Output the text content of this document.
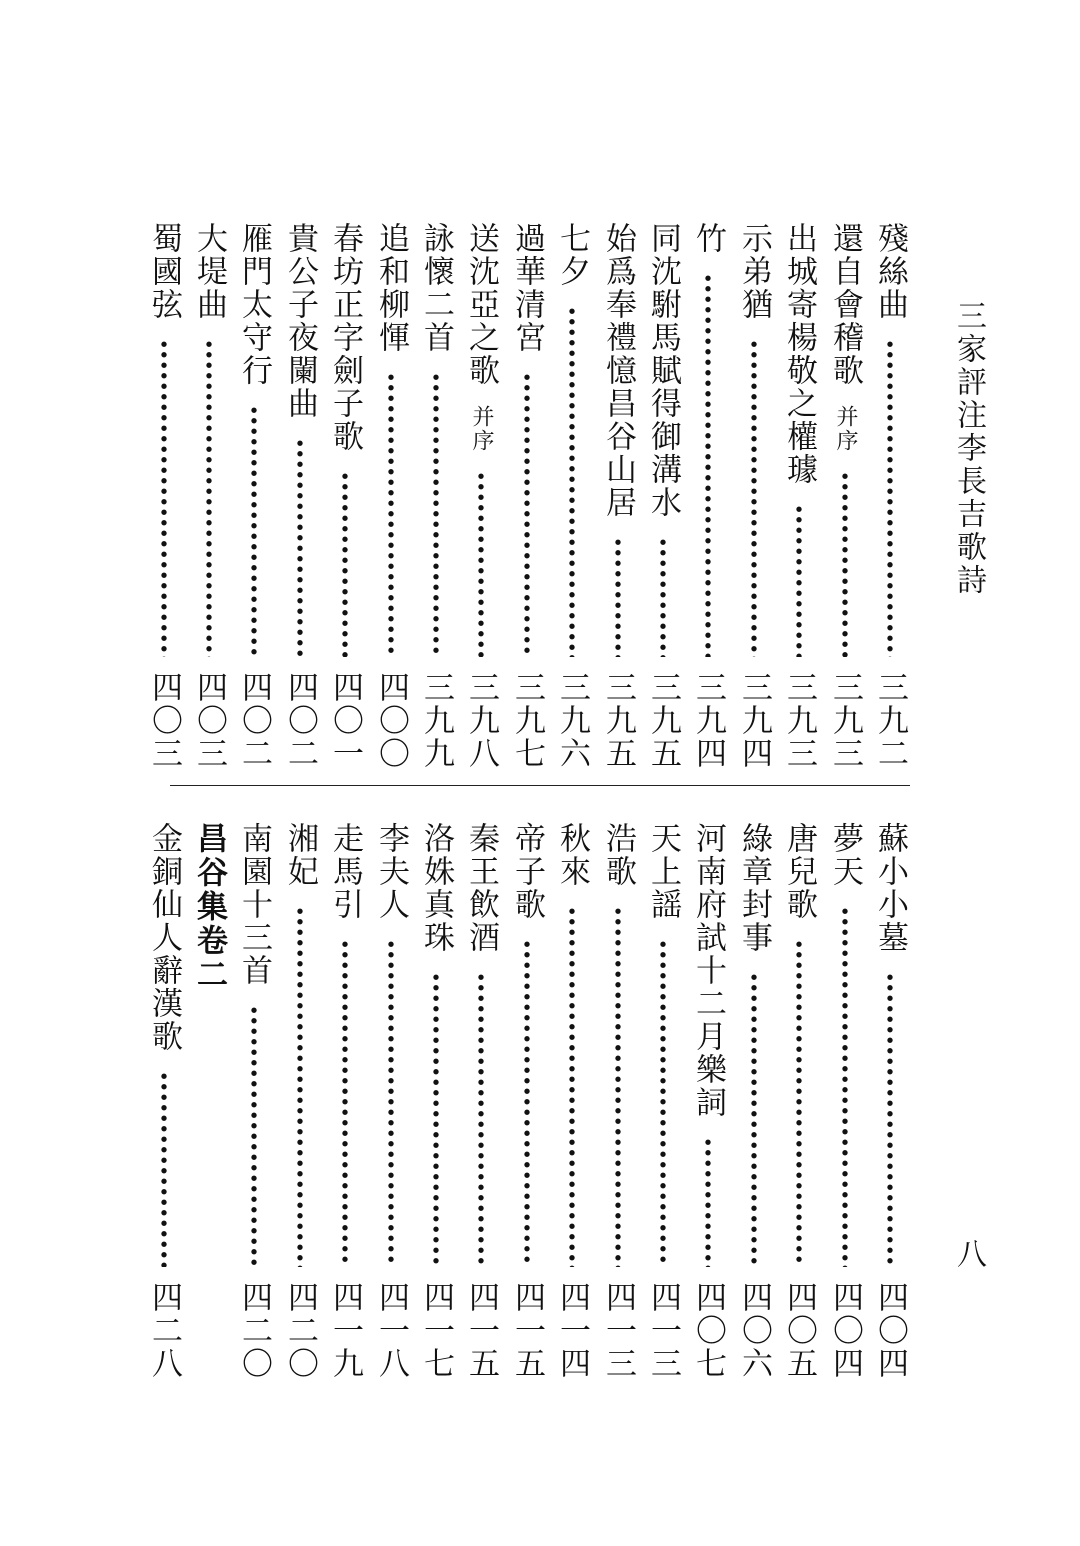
三家評注李長吉歌詩
八
殘絲曲
三九二
還自會稽歌
并序
三九三
出城寄楊敬之權璩
三九三
示弟猶
三九四
竹
三九四
同沈駙馬賦得御溝水
三九五
始爲奉禮憶昌谷山居
三九五
七夕
三九六
過華清宮
三九七
送沈亞之歌
并序
三九八
詠懷二首
三九九
追和柳惲
四〇〇
春坊正字劍子歌
四〇一
貴公子夜闌曲
四〇二
雁門太守行
四〇二
大堤曲
四〇三
蜀國弦
四〇三
蘇小小墓
四〇四
夢天
四〇四
唐兒歌
四〇五
綠章封事
四〇六
河南府試十二月樂詞
四〇七
天上謡
四一三
浩歌
四一三
秋來
四一四
帝子歌
四一五
秦王飲酒
四一五
洛姝真珠
四一七
李夫人
四一八
走馬引
四一九
湘妃
四二〇
南園十三首
四二〇
昌谷集卷二
金銅仙人辭漢歌
四二八
